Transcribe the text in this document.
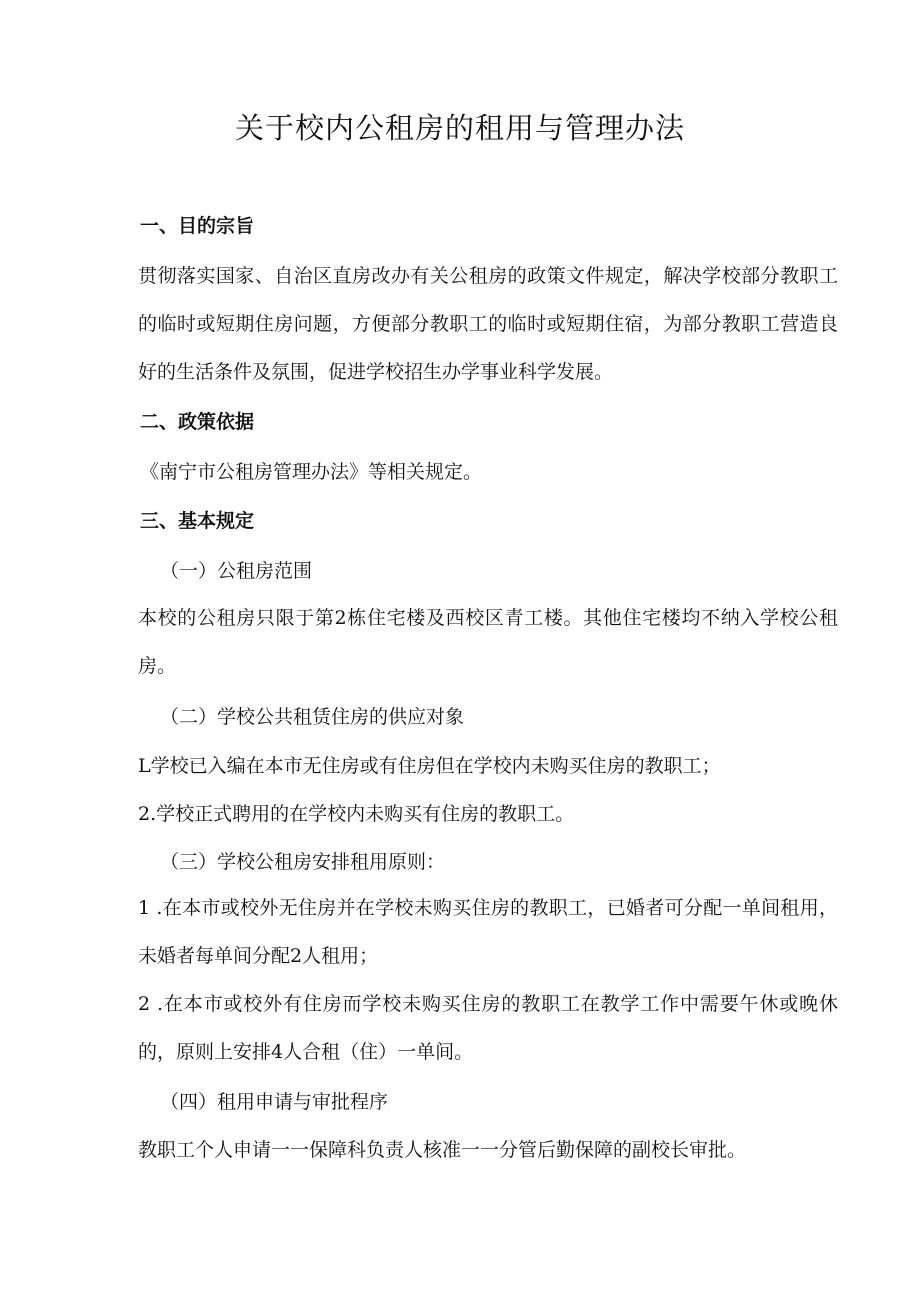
关于校内公租房的租用与管理办法
一、目的宗旨

贯彻落实国家、自治区直房改办有关公租房的政策文件规定，解决学校部分教职工的临时或短期住房问题，方便部分教职工的临时或短期住宿，为部分教职工营造良好的生活条件及氛围，促进学校招生办学事业科学发展。

二、政策依据

《南宁市公租房管理办法》等相关规定。

三、基本规定

（一）公租房范围

本校的公租房只限于第2栋住宅楼及西校区青工楼。其他住宅楼均不纳入学校公租房。

（二）学校公共租赁住房的供应对象

L学校已入编在本市无住房或有住房但在学校内未购买住房的教职工；

2.学校正式聘用的在学校内未购买有住房的教职工。

（三）学校公租房安排租用原则：

1 .在本市或校外无住房并在学校未购买住房的教职工，已婚者可分配一单间租用，未婚者每单间分配2人租用；

2 .在本市或校外有住房而学校未购买住房的教职工在教学工作中需要午休或晚休的，原则上安排4人合租（住）一单间。

（四）租用申请与审批程序

教职工个人申请一一保障科负责人核准一一分管后勤保障的副校长审批。
